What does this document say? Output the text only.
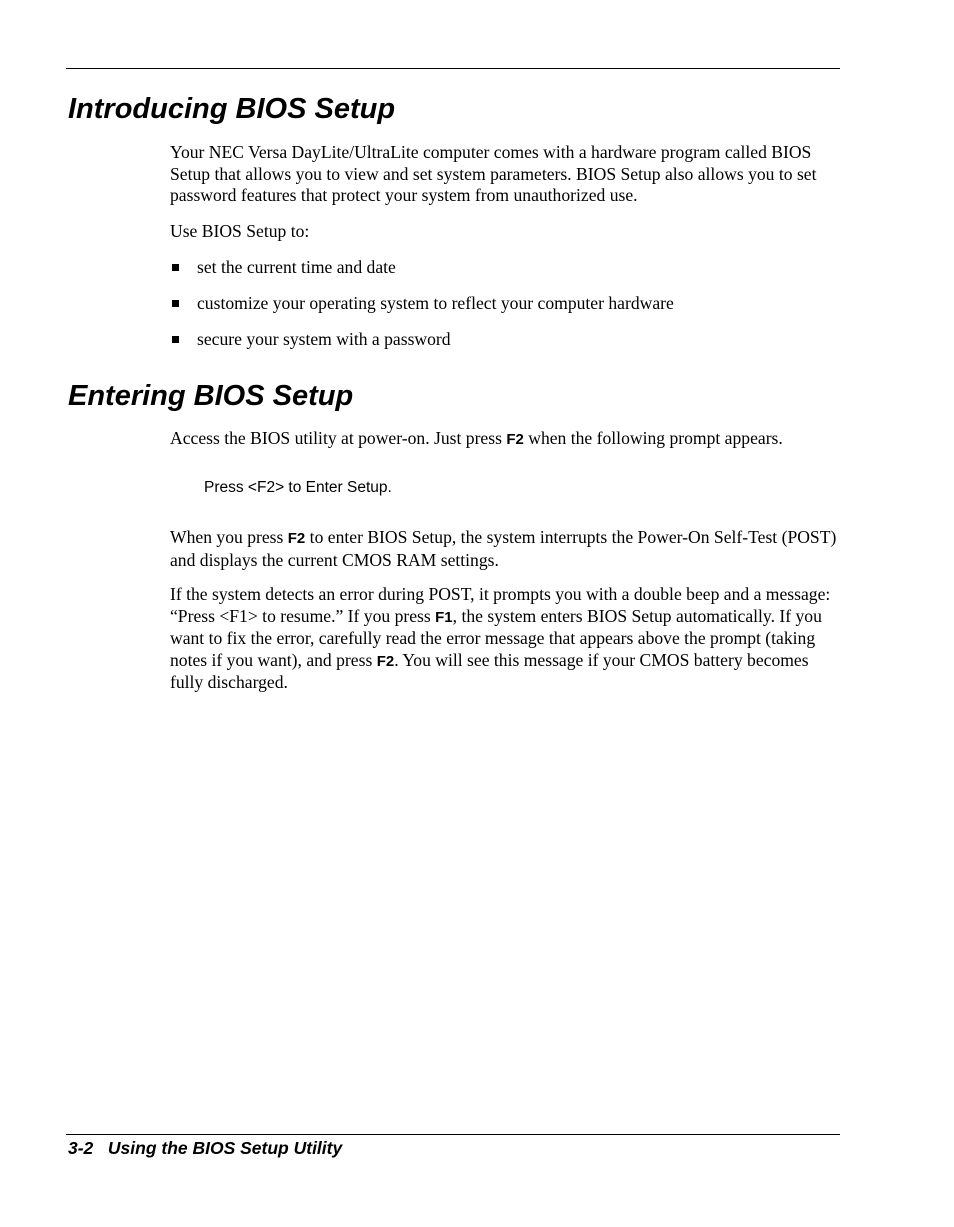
Introducing BIOS Setup

Your NEC Versa DayLite/UltraLite computer comes with a hardware program called BIOS Setup that allows you to view and set system parameters. BIOS Setup also allows you to set password features that protect your system from unauthorized use.

Use BIOS Setup to:

set the current time and date
customize your operating system to reflect your computer hardware
secure your system with a password
Entering BIOS Setup

Access the BIOS utility at power-on. Just press F2 when the following prompt appears.

Press <F2> to Enter Setup.

When you press F2 to enter BIOS Setup, the system interrupts the Power-On Self-Test (POST) and displays the current CMOS RAM settings.

If the system detects an error during POST, it prompts you with a double beep and a message: “Press <F1> to resume.” If you press F1, the system enters BIOS Setup automatically. If you want to fix the error, carefully read the error message that appears above the prompt (taking notes if you want), and press F2. You will see this message if your CMOS battery becomes fully discharged.

3-2 Using the BIOS Setup Utility
